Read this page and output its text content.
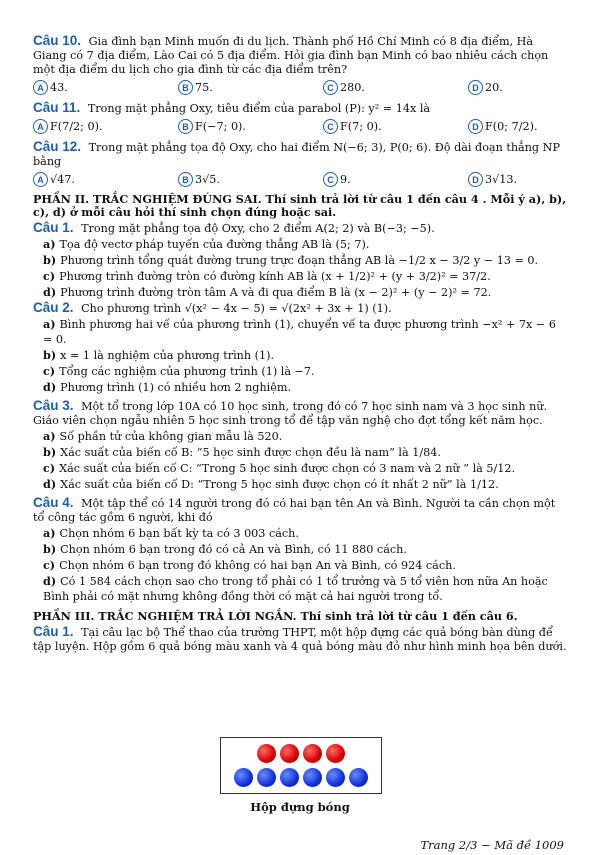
Câu 10. Gia đình bạn Minh muốn đi du lịch. Thành phố Hồ Chí Minh có 8 địa điểm, Hà Giang có 7 địa điểm, Lào Cai có 5 địa điểm. Hỏi gia đình bạn Minh có bao nhiêu cách chọn một địa điểm du lịch cho gia đình từ các địa điểm trên?

A 43.	B 75.	C 280.	D 20.

Câu 11. Trong mặt phẳng Oxy, tiêu điểm của parabol (P): y² = 14x là

A F(7/2; 0).	B F(−7; 0).	C F(7; 0).	D F(0; 7/2).

Câu 12. Trong mặt phẳng tọa độ Oxy, cho hai điểm N(−6; 3), P(0; 6). Độ dài đoạn thẳng NP bằng

A √47.	B 3√5.	C 9.	D 3√13.

PHẦN II. TRẮC NGHIỆM ĐÚNG SAI. Thí sinh trả lời từ câu 1 đến câu 4 . Mỗi ý a), b), c), d) ở mỗi câu hỏi thí sinh chọn đúng hoặc sai.

Câu 1. Trong mặt phẳng tọa độ Oxy, cho 2 điểm A(2; 2) và B(−3; −5).

a) Tọa độ vectơ pháp tuyến của đường thẳng AB là (5; 7).

b) Phương trình tổng quát đường trung trực đoạn thẳng AB là −1/2 x − 3/2 y − 13 = 0.

c) Phương trình đường tròn có đường kính AB là (x + 1/2)² + (y + 3/2)² = 37/2.

d) Phương trình đường tròn tâm A và đi qua điểm B là (x − 2)² + (y − 2)² = 72.

Câu 2. Cho phương trình √(x² − 4x − 5) = √(2x² + 3x + 1) (1).

a) Bình phương hai vế của phương trình (1), chuyển vế ta được phương trình −x² + 7x − 6 = 0.

b) x = 1 là nghiệm của phương trình (1).

c) Tổng các nghiệm của phương trình (1) là −7.

d) Phương trình (1) có nhiều hơn 2 nghiệm.

Câu 3. Một tổ trong lớp 10A có 10 học sinh, trong đó có 7 học sinh nam và 3 học sinh nữ. Giáo viên chọn ngẫu nhiên 5 học sinh trong tổ để tập văn nghệ cho đợt tổng kết năm học.

a) Số phần tử của không gian mẫu là 520.

b) Xác suất của biến cố B: “5 học sinh được chọn đều là nam” là 1/84.

c) Xác suất của biến cố C: “Trong 5 học sinh được chọn có 3 nam và 2 nữ ” là 5/12.

d) Xác suất của biến cố D: “Trong 5 học sinh được chọn có ít nhất 2 nữ” là 1/12.

Câu 4. Một tập thể có 14 người trong đó có hai bạn tên An và Bình. Người ta cần chọn một tổ công tác gồm 6 người, khi đó

a) Chọn nhóm 6 bạn bất kỳ ta có 3 003 cách.

b) Chọn nhóm 6 bạn trong đó có cả An và Bình, có 11 880 cách.

c) Chọn nhóm 6 bạn trong đó không có hai bạn An và Bình, có 924 cách.

d) Có 1 584 cách chọn sao cho trong tổ phải có 1 tổ trưởng và 5 tổ viên hơn nữa An hoặc Bình phải có mặt nhưng không đồng thời có mặt cả hai người trong tổ.

PHẦN III. TRẮC NGHIỆM TRẢ LỜI NGẮN. Thí sinh trả lời từ câu 1 đến câu 6.

Câu 1. Tại câu lạc bộ Thể thao của trường THPT, một hộp đựng các quả bóng bàn dùng để tập luyện. Hộp gồm 6 quả bóng màu xanh và 4 quả bóng màu đỏ như hình minh họa bên dưới.

Hộp đựng bóng
Trang 2/3 − Mã đề 1009
